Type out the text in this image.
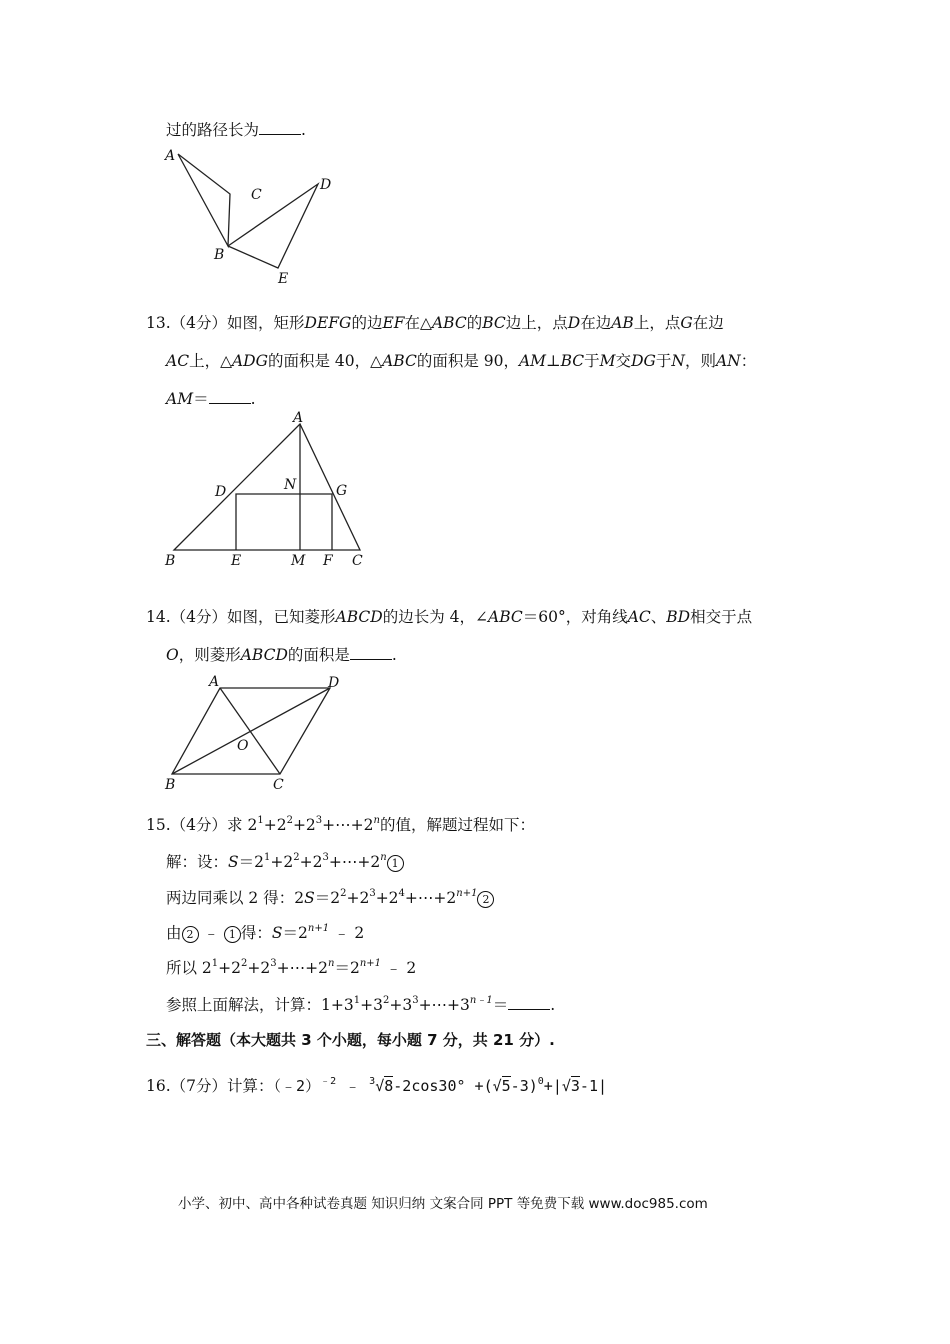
过的路径长为	.
A
B
C
D
E
13.（4分）如图，矩形DEFG的边EF在△ABC的BC边上，点D在边AB上，点G在边
AC上，△ADG的面积是 40，△ABC的面积是 90，AM⊥BC于M交DG于N，则AN：
AM＝	.
A
D	N	G
B	E	M F C
14.（4分）如图，已知菱形ABCD的边长为 4，∠ABC＝60°，对角线AC、BD相交于点
O，则菱形ABCD的面积是	.
A	D
O
B	C
15.（4分）求 $2^1+2^2+2^3+\cdots+2^n$的值，解题过程如下：
解：设：$S=2^1+2^2+2^3+\cdots+2^n$ 1
两边同乘以 2 得：$2S=2^2+2^3+2^4+\cdots+2^{n+1}$ 2
由 2 ﹣ 1 得：$S=2^{n+1}$ ﹣ 2
所以 $2^1+2^2+2^3+\cdots+2^n=2^{n+1}$ ﹣ 2
参照上面解法，计算：$1+3^1+3^2+3^3+\cdots+3^{n﹣1}=$	.
三、解答题（本大题共 3 个小题，每小题 7 分，共 21 分）.
16.（7分）计算：（﹣2）$^{﹣2}$ ﹣ $^3√8-2\cos 30^\circ +(√5-3)^0+|√3-1|$
小学、初中、高中各种试卷真题 知识归纳 文案合同 PPT 等免费下载 www.doc985.com
